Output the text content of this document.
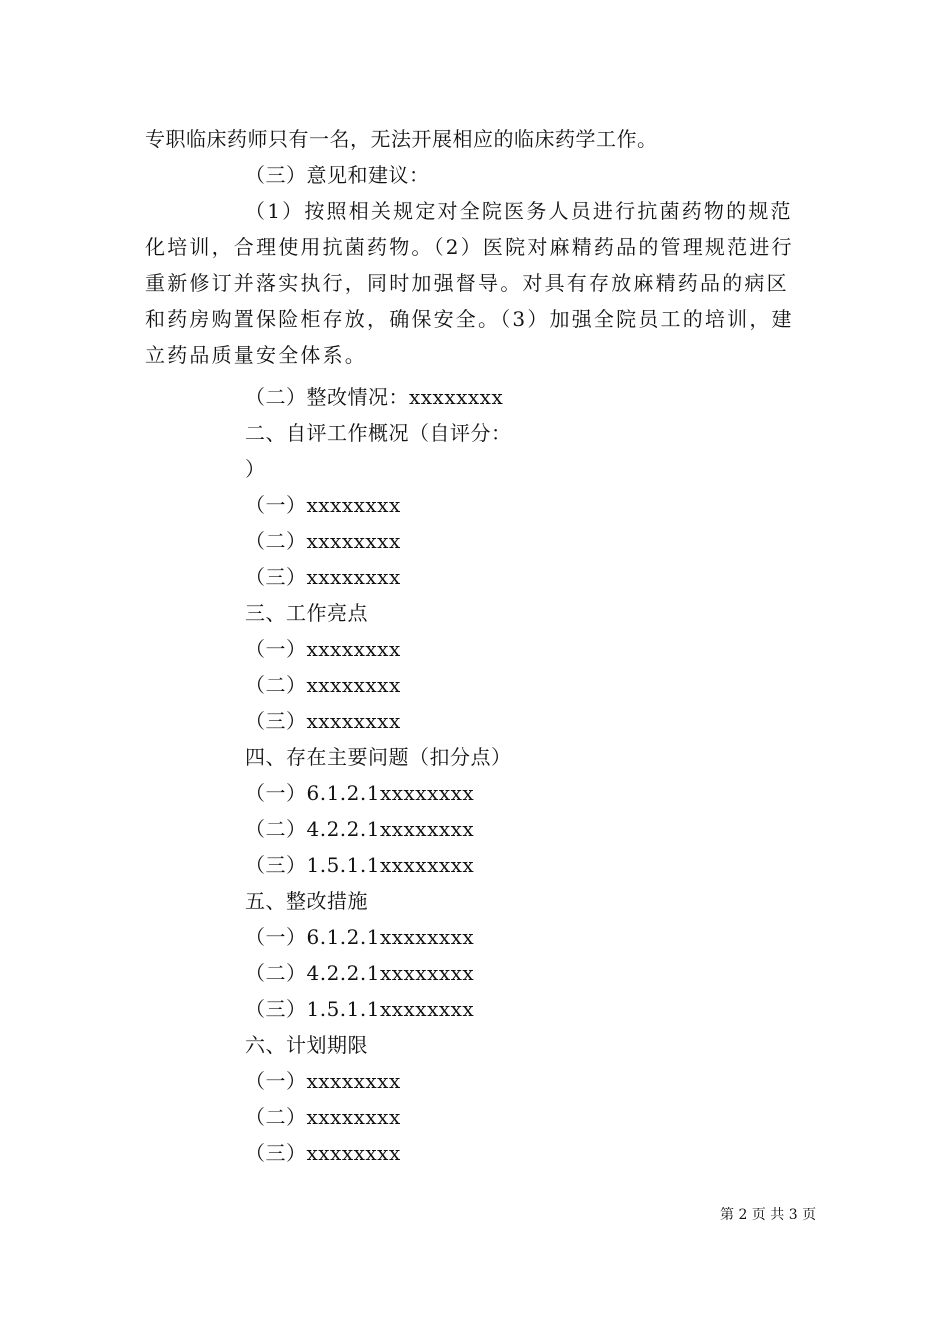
专职临床药师只有一名，无法开展相应的临床药学工作。
（三）意见和建议：
（1）按照相关规定对全院医务人员进行抗菌药物的规范
化培训，合理使用抗菌药物。（2）医院对麻精药品的管理规范进行
重新修订并落实执行，同时加强督导。对具有存放麻精药品的病区
和药房购置保险柜存放，确保安全。（3）加强全院员工的培训，建
立药品质量安全体系。
（二）整改情况：xxxxxxxx
二、自评工作概况（自评分：
）
（一）xxxxxxxx
（二）xxxxxxxx
（三）xxxxxxxx
三、工作亮点
（一）xxxxxxxx
（二）xxxxxxxx
（三）xxxxxxxx
四、存在主要问题（扣分点）
（一）6.1.2.1xxxxxxxx
（二）4.2.2.1xxxxxxxx
（三）1.5.1.1xxxxxxxx
五、整改措施
（一）6.1.2.1xxxxxxxx
（二）4.2.2.1xxxxxxxx
（三）1.5.1.1xxxxxxxx
六、计划期限
（一）xxxxxxxx
（二）xxxxxxxx
（三）xxxxxxxx
第 2 页 共 3 页
